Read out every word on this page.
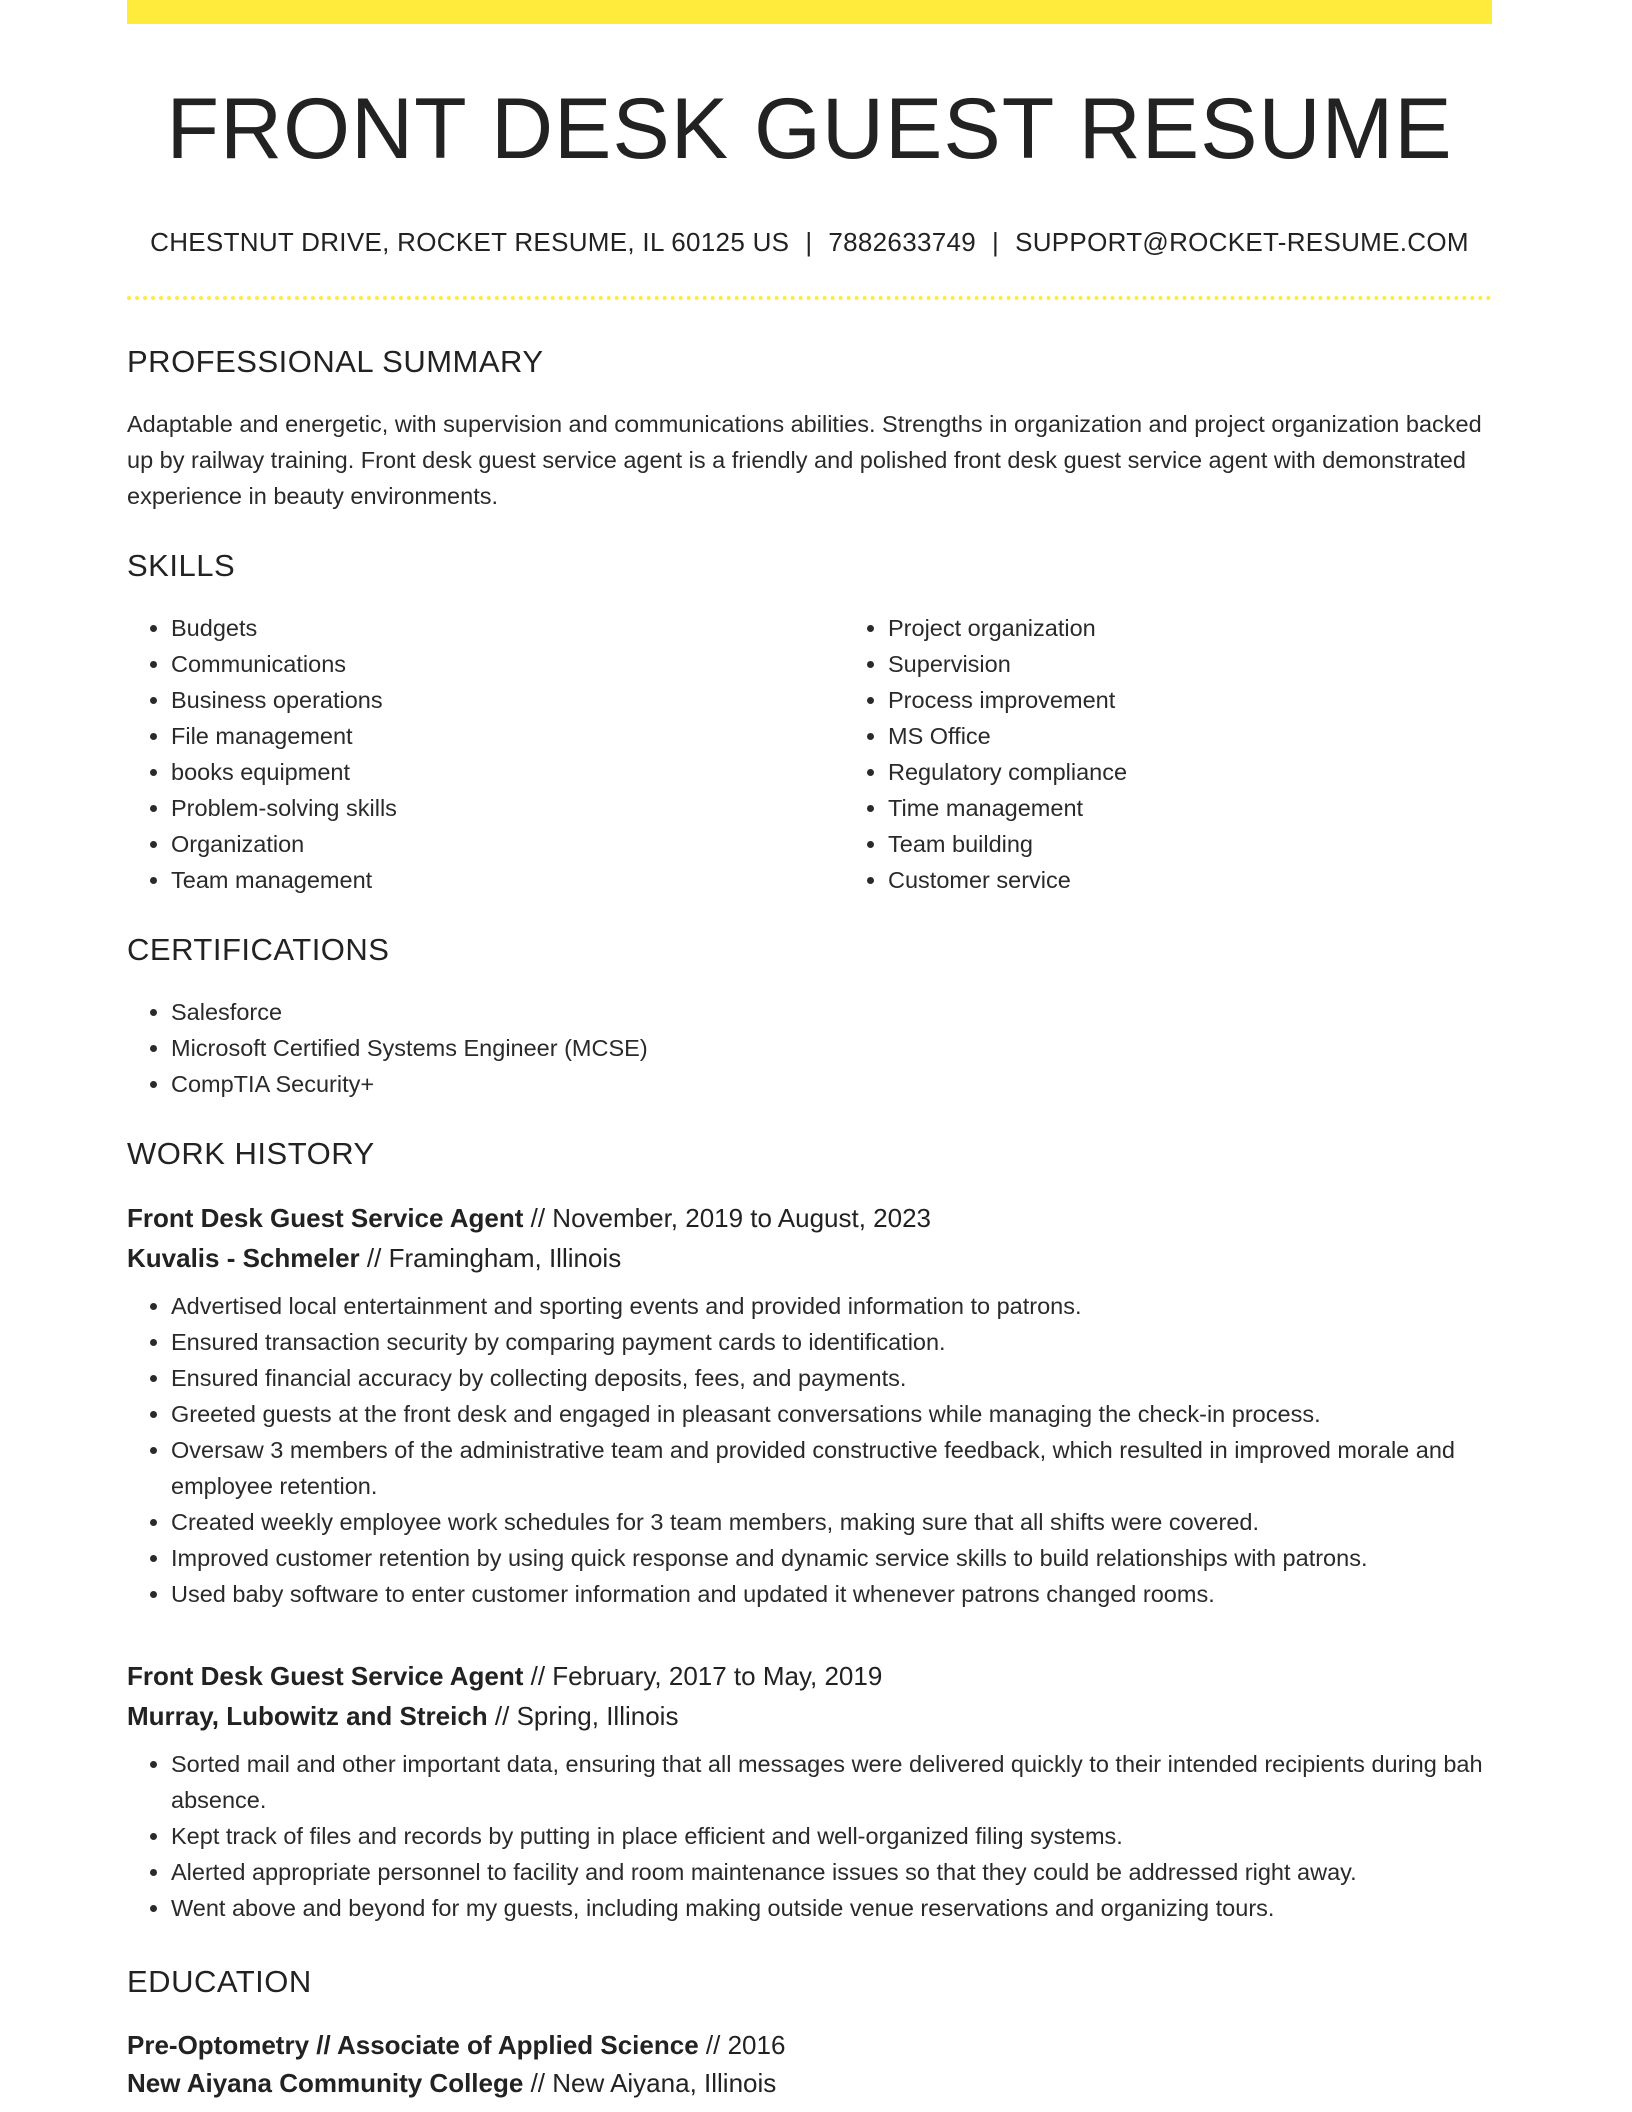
FRONT DESK GUEST RESUME
CHESTNUT DRIVE, ROCKET RESUME, IL 60125 US | 7882633749 | SUPPORT@ROCKET-RESUME.COM
PROFESSIONAL SUMMARY

Adaptable and energetic, with supervision and communications abilities. Strengths in organization and project organization backed up by railway training. Front desk guest service agent is a friendly and polished front desk guest service agent with demonstrated experience in beauty environments.

SKILLS
• Budgets
• Communications
• Business operations
• File management
• books equipment
• Problem-solving skills
• Organization
• Team management
• Project organization
• Supervision
• Process improvement
• MS Office
• Regulatory compliance
• Time management
• Team building
• Customer service
CERTIFICATIONS
• Salesforce
• Microsoft Certified Systems Engineer (MCSE)
• CompTIA Security+
WORK HISTORY
Front Desk Guest Service Agent // November, 2019 to August, 2023
Kuvalis - Schmeler // Framingham, Illinois
• Advertised local entertainment and sporting events and provided information to patrons.
• Ensured transaction security by comparing payment cards to identification.
• Ensured financial accuracy by collecting deposits, fees, and payments.
• Greeted guests at the front desk and engaged in pleasant conversations while managing the check-in process.
• Oversaw 3 members of the administrative team and provided constructive feedback, which resulted in improved morale and employee retention.
• Created weekly employee work schedules for 3 team members, making sure that all shifts were covered.
• Improved customer retention by using quick response and dynamic service skills to build relationships with patrons.
• Used baby software to enter customer information and updated it whenever patrons changed rooms.
Front Desk Guest Service Agent // February, 2017 to May, 2019
Murray, Lubowitz and Streich // Spring, Illinois
• Sorted mail and other important data, ensuring that all messages were delivered quickly to their intended recipients during bah absence.
• Kept track of files and records by putting in place efficient and well-organized filing systems.
• Alerted appropriate personnel to facility and room maintenance issues so that they could be addressed right away.
• Went above and beyond for my guests, including making outside venue reservations and organizing tours.
EDUCATION
Pre-Optometry // Associate of Applied Science // 2016
New Aiyana Community College // New Aiyana, Illinois
